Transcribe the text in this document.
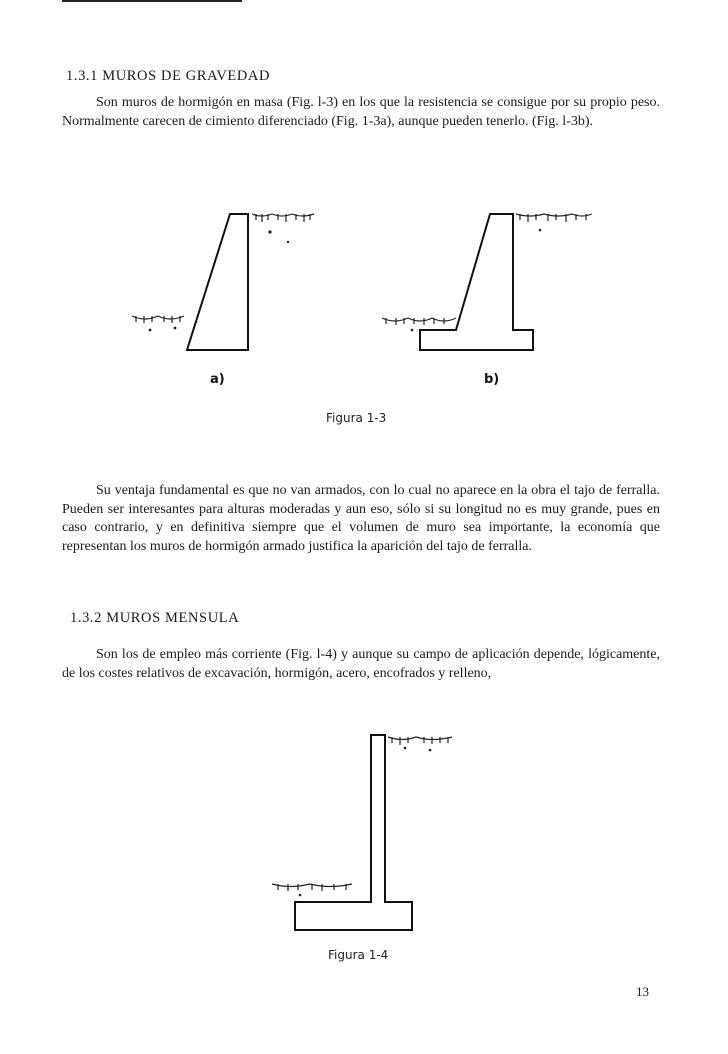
1.3.1 MUROS DE GRAVEDAD

Son muros de hormigón en masa (Fig. l-3) en los que la resistencia se consigue por su propio peso. Normalmente carecen de cimiento diferenciado (Fig. 1-3a), aunque pueden tenerlo. (Fig. l-3b).

a)	b)
Figura 1-3

Su ventaja fundamental es que no van armados, con lo cual no aparece en la obra el tajo de ferralla. Pueden ser interesantes para alturas moderadas y aun eso, sólo si su longitud no es muy grande, pues en caso contrario, y en definitiva siempre que el volumen de muro sea importante, la economía que representan los muros de hormigón armado justifica la aparición del tajo de ferralla.

1.3.2 MUROS MENSULA

Son los de empleo más corriente (Fig. l-4) y aunque su campo de aplicación depende, lógicamente, de los costes relativos de excavación, hormigón, acero, encofrados y relleno,

Figura 1-4
13
